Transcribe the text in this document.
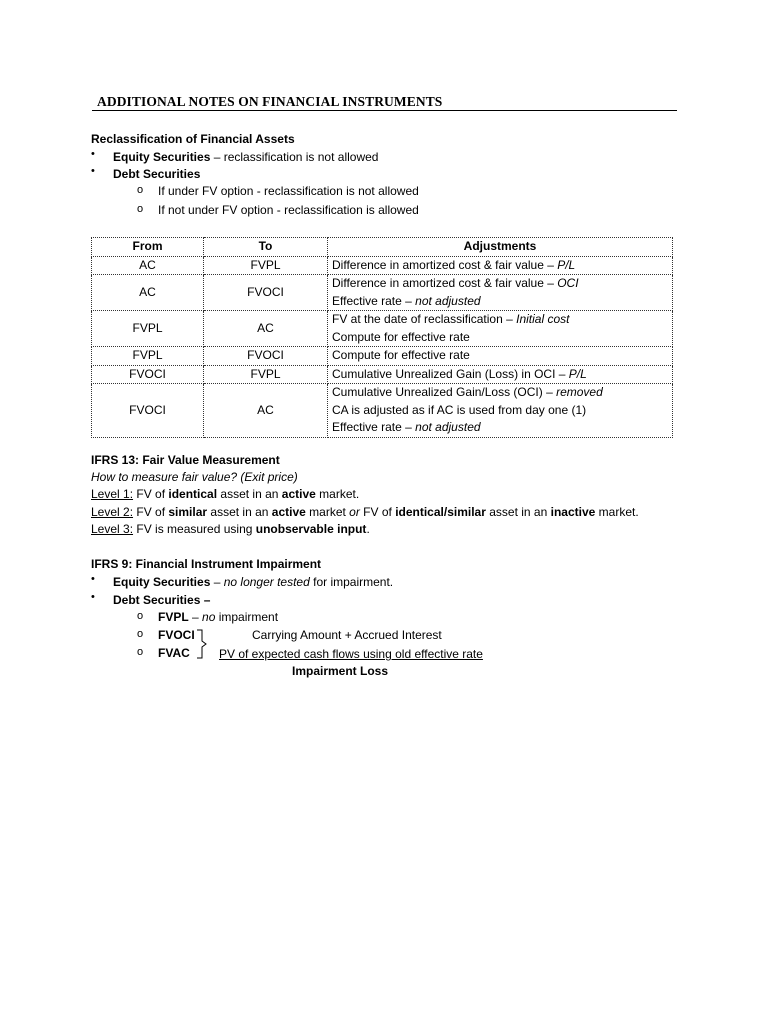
ADDITIONAL NOTES ON FINANCIAL INSTRUMENTS
Reclassification of Financial Assets
• Equity Securities – reclassification is not allowed
• Debt Securities
o If under FV option - reclassification is not allowed
o If not under FV option - reclassification is allowed
From	To	Adjustments
AC	FVPL	Difference in amortized cost & fair value – P/L

AC	FVOCI	Difference in amortized cost & fair value – OCI
Effective rate – not adjusted

FVPL	AC	FV at the date of reclassification – Initial cost
Compute for effective rate

FVPL	FVOCI	Compute for effective rate

FVOCI	FVPL	Cumulative Unrealized Gain (Loss) in OCI – P/L

FVOCI	AC	Cumulative Unrealized Gain/Loss (OCI) – removed
CA is adjusted as if AC is used from day one (1)
Effective rate – not adjusted
IFRS 13: Fair Value Measurement
How to measure fair value? (Exit price)
Level 1: FV of identical asset in an active market.
Level 2: FV of similar asset in an active market or FV of identical/similar asset in an inactive market.
Level 3: FV is measured using unobservable input.
IFRS 9: Financial Instrument Impairment
• Equity Securities – no longer tested for impairment.
• Debt Securities –
o FVPL – no impairment
o FVOCI
o FVAC
Carrying Amount + Accrued Interest
PV of expected cash flows using old effective rate
Impairment Loss
